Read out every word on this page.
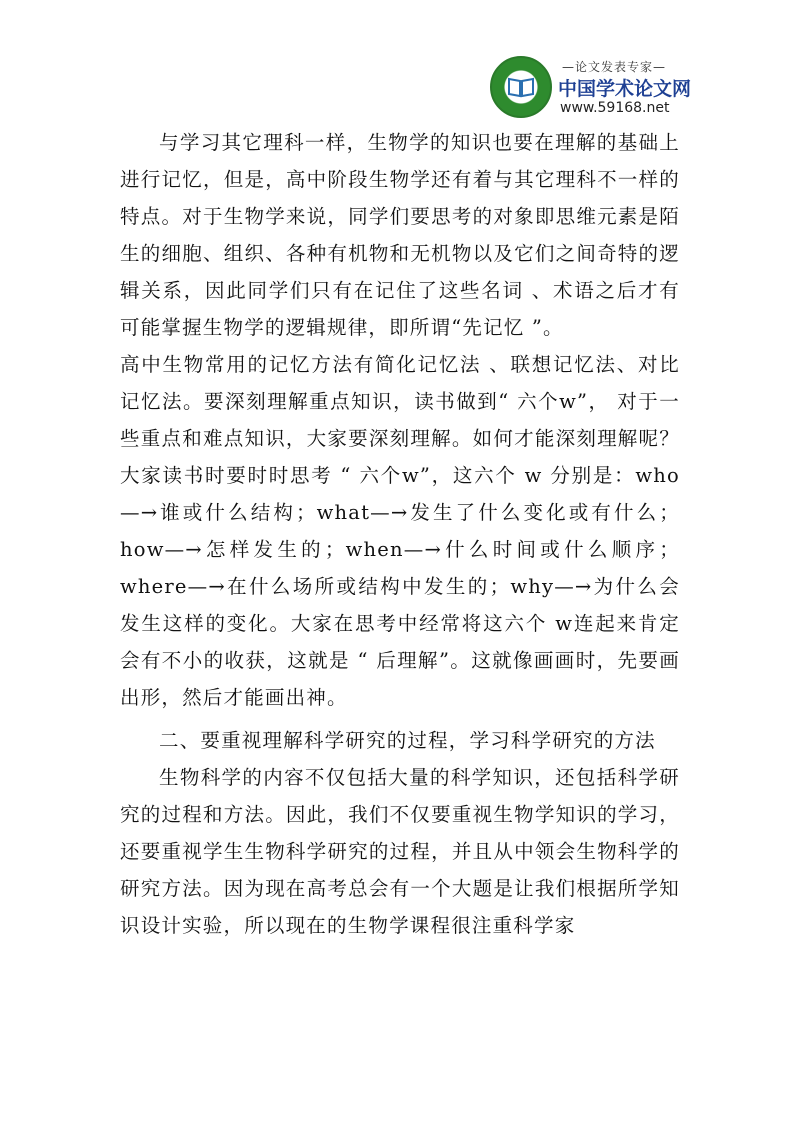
—论文发表专家—
中国学术论文网
www.59168.net

与学习其它理科一样，生物学的知识也要在理解的基础上进行记忆，但是，高中阶段生物学还有着与其它理科不一样的特点。对于生物学来说，同学们要思考的对象即思维元素是陌生的细胞、组织、各种有机物和无机物以及它们之间奇特的逻辑关系，因此同学们只有在记住了这些名词 、术语之后才有可能掌握生物学的逻辑规律，即所谓“先记忆 ”。

高中生物常用的记忆方法有简化记忆法 、联想记忆法、对比记忆法。要深刻理解重点知识，读书做到“ 六个w”， 对于一些重点和难点知识，大家要深刻理解。如何才能深刻理解呢？大家读书时要时时思考 “ 六个w”，这六个 w 分别是：who—→谁或什么结构；what—→发生了什么变化或有什么；how—→怎样发生的；when—→什么时间或什么顺序；where—→在什么场所或结构中发生的；why—→为什么会发生这样的变化。大家在思考中经常将这六个 w连起来肯定会有不小的收获，这就是 “ 后理解”。这就像画画时，先要画出形，然后才能画出神。

二、要重视理解科学研究的过程，学习科学研究的方法

生物科学的内容不仅包括大量的科学知识，还包括科学研究的过程和方法。因此，我们不仅要重视生物学知识的学习，还要重视学生生物科学研究的过程，并且从中领会生物科学的研究方法。因为现在高考总会有一个大题是让我们根据所学知识设计实验，所以现在的生物学课程很注重科学家
